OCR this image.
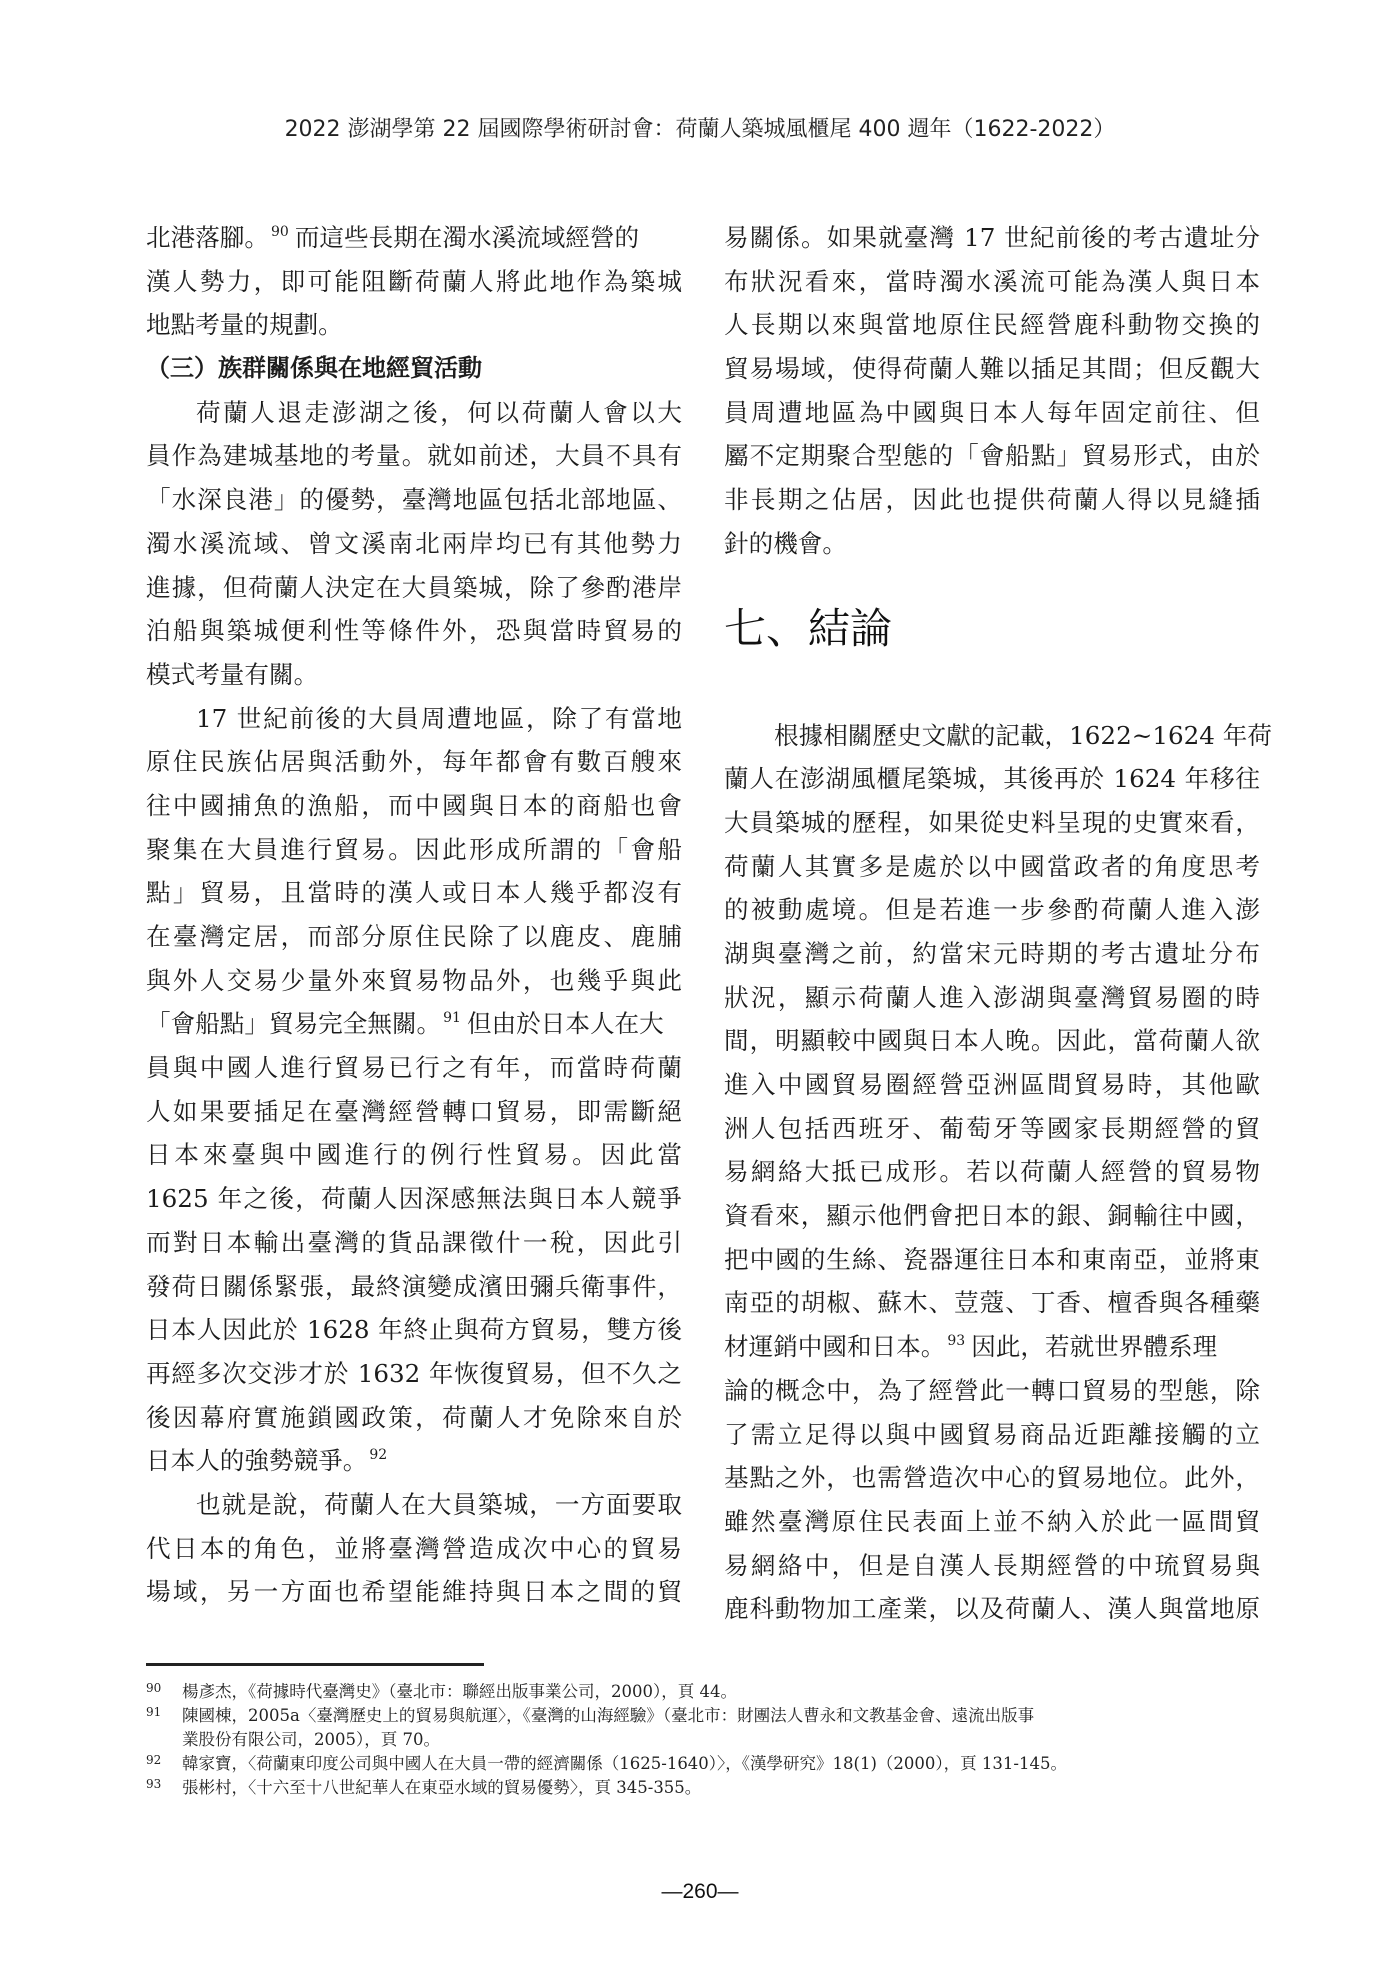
2022 澎湖學第 22 屆國際學術研討會：荷蘭人築城風櫃尾 400 週年（1622-2022）
北港落腳。 $^{90}$ 而這些長期在濁水溪流域經營的
漢人勢力，即可能阻斷荷蘭人將此地作為築城
地點考量的規劃。
（三）族群關係與在地經貿活動
荷蘭人退走澎湖之後，何以荷蘭人會以大
員作為建城基地的考量。就如前述，大員不具有
「水深良港」的優勢，臺灣地區包括北部地區、
濁水溪流域、曾文溪南北兩岸均已有其他勢力
進據，但荷蘭人決定在大員築城，除了參酌港岸
泊船與築城便利性等條件外，恐與當時貿易的
模式考量有關。
17 世紀前後的大員周遭地區，除了有當地
原住民族佔居與活動外，每年都會有數百艘來
往中國捕魚的漁船，而中國與日本的商船也會
聚集在大員進行貿易。因此形成所謂的「會船
點」貿易，且當時的漢人或日本人幾乎都沒有
在臺灣定居，而部分原住民除了以鹿皮、鹿脯
與外人交易少量外來貿易物品外，也幾乎與此
「會船點」貿易完全無關。 $^{91}$ 但由於日本人在大
員與中國人進行貿易已行之有年，而當時荷蘭
人如果要插足在臺灣經營轉口貿易，即需斷絕
日本來臺與中國進行的例行性貿易。因此當
1625 年之後，荷蘭人因深感無法與日本人競爭
而對日本輸出臺灣的貨品課徵什一稅，因此引
發荷日關係緊張，最終演變成濱田彌兵衛事件，
日本人因此於 1628 年終止與荷方貿易，雙方後
再經多次交涉才於 1632 年恢復貿易，但不久之
後因幕府實施鎖國政策，荷蘭人才免除來自於
日本人的強勢競爭。 $^{92}$
也就是說，荷蘭人在大員築城，一方面要取
代日本的角色，並將臺灣營造成次中心的貿易
場域，另一方面也希望能維持與日本之間的貿
易關係。如果就臺灣 17 世紀前後的考古遺址分
布狀況看來，當時濁水溪流可能為漢人與日本
人長期以來與當地原住民經營鹿科動物交換的
貿易場域，使得荷蘭人難以插足其間；但反觀大
員周遭地區為中國與日本人每年固定前往、但
屬不定期聚合型態的「會船點」貿易形式，由於
非長期之佔居，因此也提供荷蘭人得以見縫插
針的機會。
七、結論
根據相關歷史文獻的記載，1622~1624 年荷
蘭人在澎湖風櫃尾築城，其後再於 1624 年移往
大員築城的歷程，如果從史料呈現的史實來看，
荷蘭人其實多是處於以中國當政者的角度思考
的被動處境。但是若進一步參酌荷蘭人進入澎
湖與臺灣之前，約當宋元時期的考古遺址分布
狀況，顯示荷蘭人進入澎湖與臺灣貿易圈的時
間，明顯較中國與日本人晚。因此，當荷蘭人欲
進入中國貿易圈經營亞洲區間貿易時，其他歐
洲人包括西班牙、葡萄牙等國家長期經營的貿
易網絡大抵已成形。若以荷蘭人經營的貿易物
資看來，顯示他們會把日本的銀、銅輸往中國，
把中國的生絲、瓷器運往日本和東南亞，並將東
南亞的胡椒、蘇木、荳蔻、丁香、檀香與各種藥
材運銷中國和日本。 $^{93}$ 因此，若就世界體系理
論的概念中，為了經營此一轉口貿易的型態，除
了需立足得以與中國貿易商品近距離接觸的立
基點之外，也需營造次中心的貿易地位。此外，
雖然臺灣原住民表面上並不納入於此一區間貿
易網絡中，但是自漢人長期經營的中琉貿易與
鹿科動物加工產業，以及荷蘭人、漢人與當地原
90 楊彥杰，《荷據時代臺灣史》（臺北市：聯經出版事業公司，2000），頁 44。
91 陳國棟，2005a〈臺灣歷史上的貿易與航運〉，《臺灣的山海經驗》（臺北市：財團法人曹永和文教基金會、遠流出版事
業股份有限公司，2005），頁 70。
92 韓家寶，〈荷蘭東印度公司與中國人在大員一帶的經濟關係（1625-1640）〉，《漢學研究》18(1)（2000），頁 131-145。
93 張彬村，〈十六至十八世紀華人在東亞水域的貿易優勢〉，頁 345-355。
—260—
